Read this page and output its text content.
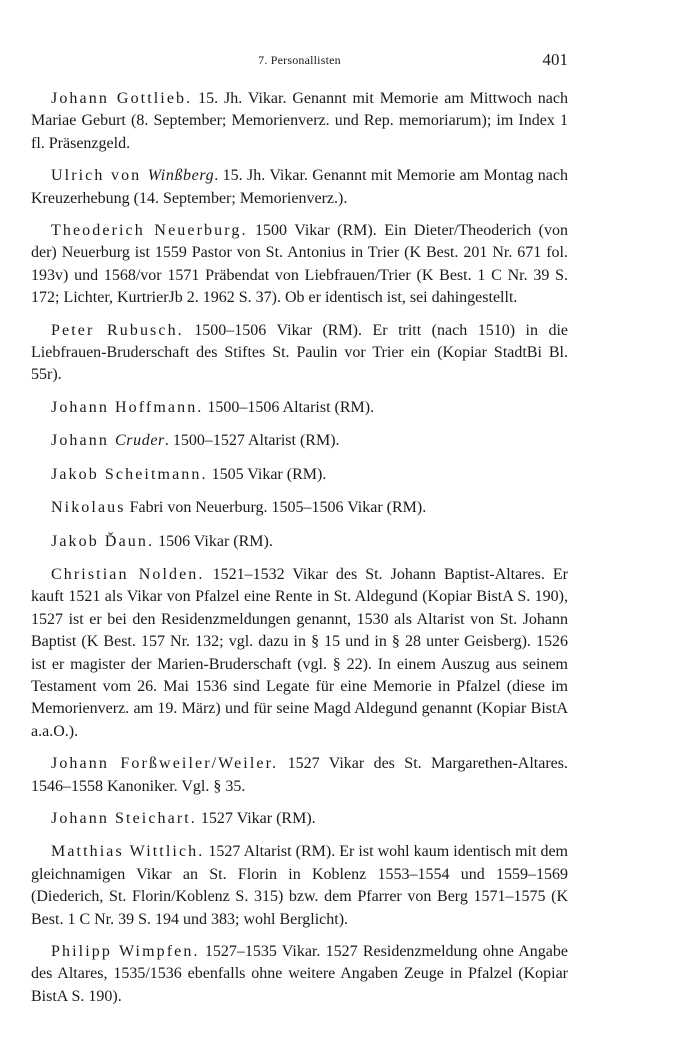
7. Personallisten	401

Johann Gottlieb. 15. Jh. Vikar. Genannt mit Memorie am Mittwoch nach Mariae Geburt (8. September; Memorienverz. und Rep. memoriarum); im Index 1 fl. Präsenzgeld.

Ulrich von Winßberg. 15. Jh. Vikar. Genannt mit Memorie am Montag nach Kreuzerhebung (14. September; Memorienverz.).

Theoderich Neuerburg. 1500 Vikar (RM). Ein Dieter/Theoderich (von der) Neuerburg ist 1559 Pastor von St. Antonius in Trier (K Best. 201 Nr. 671 fol. 193v) und 1568/vor 1571 Präbendat von Liebfrauen/Trier (K Best. 1 C Nr. 39 S. 172; Lichter, KurtrierJb 2. 1962 S. 37). Ob er identisch ist, sei dahingestellt.

Peter Rubusch. 1500–1506 Vikar (RM). Er tritt (nach 1510) in die Liebfrauen-Bruderschaft des Stiftes St. Paulin vor Trier ein (Kopiar StadtBi Bl. 55r).

Johann Hoffmann. 1500–1506 Altarist (RM).

Johann Cruder. 1500–1527 Altarist (RM).

Jakob Scheitmann. 1505 Vikar (RM).

Nikolaus Fabri von Neuerburg. 1505–1506 Vikar (RM).

Jakob Ďaun. 1506 Vikar (RM).

Christian Nolden. 1521–1532 Vikar des St. Johann Baptist-Altares. Er kauft 1521 als Vikar von Pfalzel eine Rente in St. Aldegund (Kopiar BistA S. 190), 1527 ist er bei den Residenzmeldungen genannt, 1530 als Altarist von St. Johann Baptist (K Best. 157 Nr. 132; vgl. dazu in § 15 und in § 28 unter Geisberg). 1526 ist er magister der Marien-Bruderschaft (vgl. § 22). In einem Auszug aus seinem Testament vom 26. Mai 1536 sind Legate für eine Memorie in Pfalzel (diese im Memorienverz. am 19. März) und für seine Magd Aldegund genannt (Kopiar BistA a.a.O.).

Johann Forßweiler/Weiler. 1527 Vikar des St. Margarethen-Altares. 1546–1558 Kanoniker. Vgl. § 35.

Johann Steichart. 1527 Vikar (RM).

Matthias Wittlich. 1527 Altarist (RM). Er ist wohl kaum identisch mit dem gleichnamigen Vikar an St. Florin in Koblenz 1553–1554 und 1559–1569 (Diederich, St. Florin/Koblenz S. 315) bzw. dem Pfarrer von Berg 1571–1575 (K Best. 1 C Nr. 39 S. 194 und 383; wohl Berglicht).

Philipp Wimpfen. 1527–1535 Vikar. 1527 Residenzmeldung ohne Angabe des Altares, 1535/1536 ebenfalls ohne weitere Angaben Zeuge in Pfalzel (Kopiar BistA S. 190).
